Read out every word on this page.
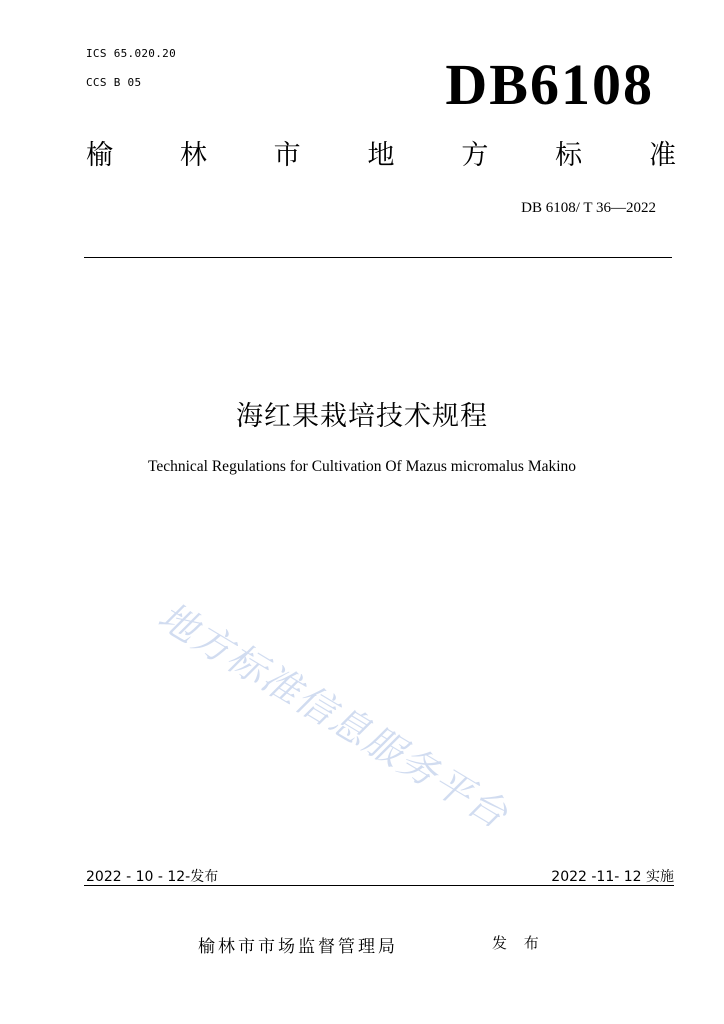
ICS 65.020.20
CCS B 05	DB6108
榆 林 市 地 方 标 准
DB 6108/ T 36—2022
海红果栽培技术规程
Technical Regulations for Cultivation Of Mazus micromalus Makino
地方标准信息服务平台
2022 - 10 - 12-发布	2022 -11- 12 实施
榆林市市场监督管理局	发 布
